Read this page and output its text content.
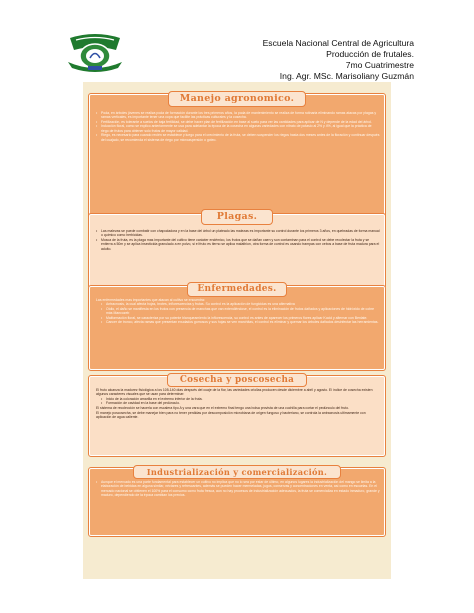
Escuela Nacional Central de Agricultura
Producción de frutales.
7mo Cuatrimestre
Ing. Agr. MSc. Marisoliany Guzmán
Manejo agronomico.
• Poda, en árboles jóvenes se realiza poda de formación durante los tres primeros años, la poda de mantenimiento se realiza de forma rutinaria eliminando ramas atacas por plagas y ramas verticales, es importante tener una copa que facilite las prácticas culturales y la cosecha.
• Fertilización, es tolerante a suelos de baja fertilidad, se debe hacer plan de fertilización en base al suelo para ver las cantidades para aplicar de N y depende de la edad del árbol.
• Inducción floral, como se explico anteriormente se usa para adelantar la época de la cosecha en algunas variedades con nitrato de potasio al 2% y 4%, al igual que la práctica de riego de frutos para obtener solo frutos de mayor calidad.
• Riego, es necesario para cuando recién se establece y luego para el crecimiento de la fruta, se deben suspender los riegos hasta dos meses antes de la floración y continuar después del cuajado, se recomienda el sistema de riego por microaspersión o goteo.
Plagas.
• Las malezas se puede combatir con chapodadora y en la base del árbol un plateado las malezas es importante su control durante los primeros 3 años, en quebradas de forma manual o químico como herbicidas.
• Mosca de la fruta, es la plaga mas importante del cultivo tiene carácter endémico, los frutos que se dañan caen y son contaminan para el control se debe recolectar la fruta y se entierra a 50m y se aplica insecticida granulado a en polvo, si el fruto es tierno se aplica malathion, otra forma de control es usando trampas con cebos a base de fruta madura para el adulto.
Enfermedades.

Las enfermedades mas importantes que atacan al cultivo se encuentra:

• Antracnosis, la cual afecta hojas, brotes, inflorescencias y frutas. Su control es la aplicación de fungicidas es una alternativa
• Oídio, el daño se manifiesta en los frutos con presencia de manchas que van extendiéndose, el control es la eliminación de frutos dañados y aplicaciones de hidróxido de cobre más Mancozeb
• Malformación floral, se caracteriza por su potente blanqueamiento la inflorescencia, su control es antes de aparecer los primeros flores aplicar Kocid y alternar con Benlate.
• Cancer de tronco, afecta ramas que presentan exudados gomosos y sus hojas se ven marchitas, el control es eliminar y quemar los árboles dañados desinfectar las herramientas.
Cosecha y poscosecha

El fruto alcanza la madurez fisiológica a los 105-140 días después del cuaje de la flor, las variedades criollas producen desde diciembre a abril y agosto. El índice de cosecha existen algunos caracteres visuales que se usan para determinar:

• Inicio de la coloración amarilla en el extremo inferior de la fruta.
• Formación de cavidad en la base del pedúnculo.

El sistema de recolección se hacerla con escalera tipo A y una vara que en el extremo final tengo una bolsa provista de una cuchilla para cortar el pedúnculo del fruto.

El manejo poscosecha, se debe manejar bien para no tener perdidas por descomposición microbiana de origen fungoso y bacteriano, se controla la antracnosis ultimamente con aplicación de agua caliente.

Industrialización y comercialización.
• Aunque el mercado es una parte fundamental para establecer un cultivo no implica que no lo sea por estar de último, en algunos lugares la industrialización del mango se limita a la elaboración de bebidas en alguna similar, néctares y refrescantes, además se pueden hacer mermeladas, jugos, conservas y concentraciones en venta, así como en escuelas. En el mercado nacional se obtienen el 100% para el consumo como fruta fresca, aun no hay procesos de industrialización adecuados, la fruta se comercializa en estado inmaduro, grande y maduro, dependiendo de la época cambian los precios.
